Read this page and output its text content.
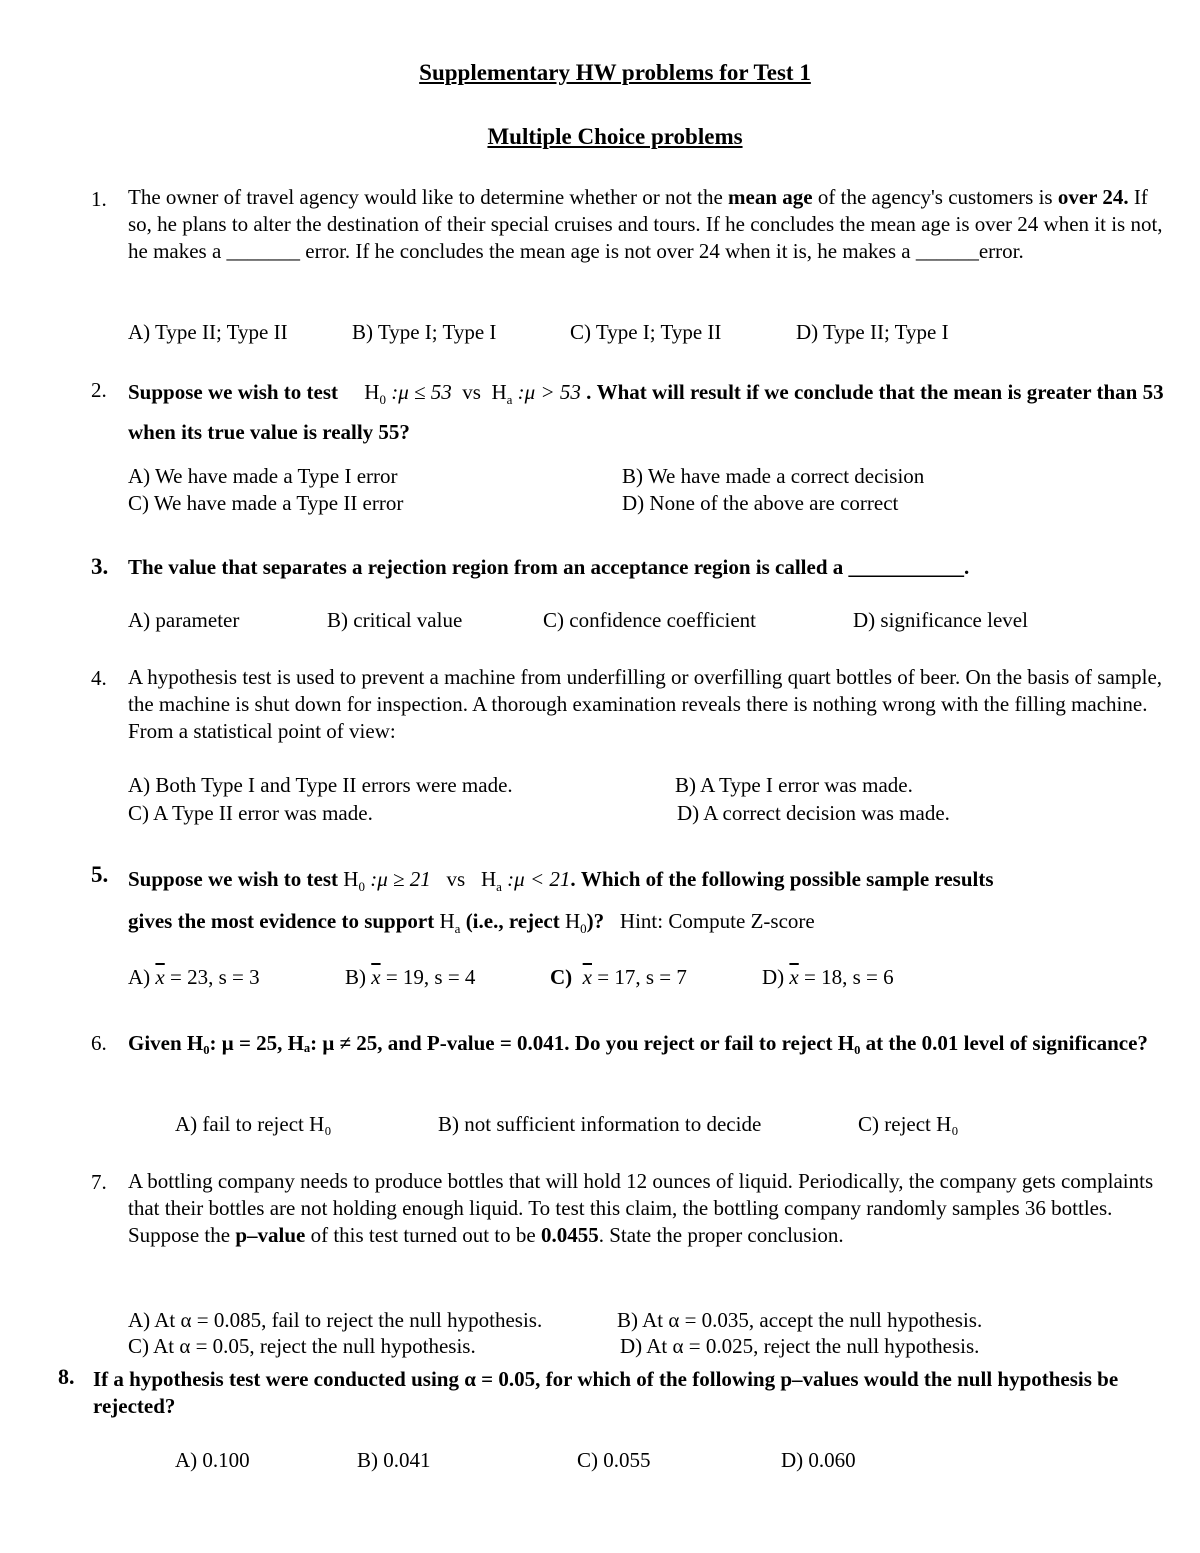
Supplementary HW problems for Test 1
Multiple Choice problems
1. The owner of travel agency would like to determine whether or not the mean age of the agency's customers is over 24. If so, he plans to alter the destination of their special cruises and tours. If he concludes the mean age is over 24 when it is not, he makes a _______ error. If he concludes the mean age is not over 24 when it is, he makes a ______error.
A) Type II; Type II	B) Type I; Type I	C) Type I; Type II	D) Type II; Type I
2. Suppose we wish to test $H_0$ :μ ≤ 53 vs $H_a$ :μ > 53 . What will result if we conclude that the mean is greater than 53 when its true value is really 55?
A) We have made a Type I error	B) We have made a correct decision
C) We have made a Type II error	D) None of the above are correct
3. The value that separates a rejection region from an acceptance region is called a ___________.
A) parameter	B) critical value	C) confidence coefficient	D) significance level
4. A hypothesis test is used to prevent a machine from underfilling or overfilling quart bottles of beer. On the basis of sample, the machine is shut down for inspection. A thorough examination reveals there is nothing wrong with the filling machine. From a statistical point of view:
A) Both Type I and Type II errors were made.	B) A Type I error was made.
C) A Type II error was made.	D) A correct decision was made.
5. Suppose we wish to test $H_0$ :μ ≥ 21 vs $H_a$ :μ < 21. Which of the following possible sample results
gives the most evidence to support $H_a$ (i.e., reject $H_0$)? Hint: Compute Z-score
A) $\overline{x} = 23$, s = 3	B) $\overline{x} = 19$, s = 4	C) $\overline{x} = 17$, s = 7	D) $\overline{x} = 18$, s = 6
6. Given H₀: μ = 25, Hₐ: μ ≠ 25, and P-value = 0.041. Do you reject or fail to reject H₀ at the 0.01 level of significance?
A) fail to reject H₀	B) not sufficient information to decide	C) reject H₀
7. A bottling company needs to produce bottles that will hold 12 ounces of liquid. Periodically, the company gets complaints that their bottles are not holding enough liquid. To test this claim, the bottling company randomly samples 36 bottles. Suppose the p–value of this test turned out to be 0.0455. State the proper conclusion.
A) At α = 0.085, fail to reject the null hypothesis.	B) At α = 0.035, accept the null hypothesis.
C) At α = 0.05, reject the null hypothesis.	D) At α = 0.025, reject the null hypothesis.
8. If a hypothesis test were conducted using α = 0.05, for which of the following p–values would the null hypothesis be rejected?
A) 0.100	B) 0.041	C) 0.055	D) 0.060
